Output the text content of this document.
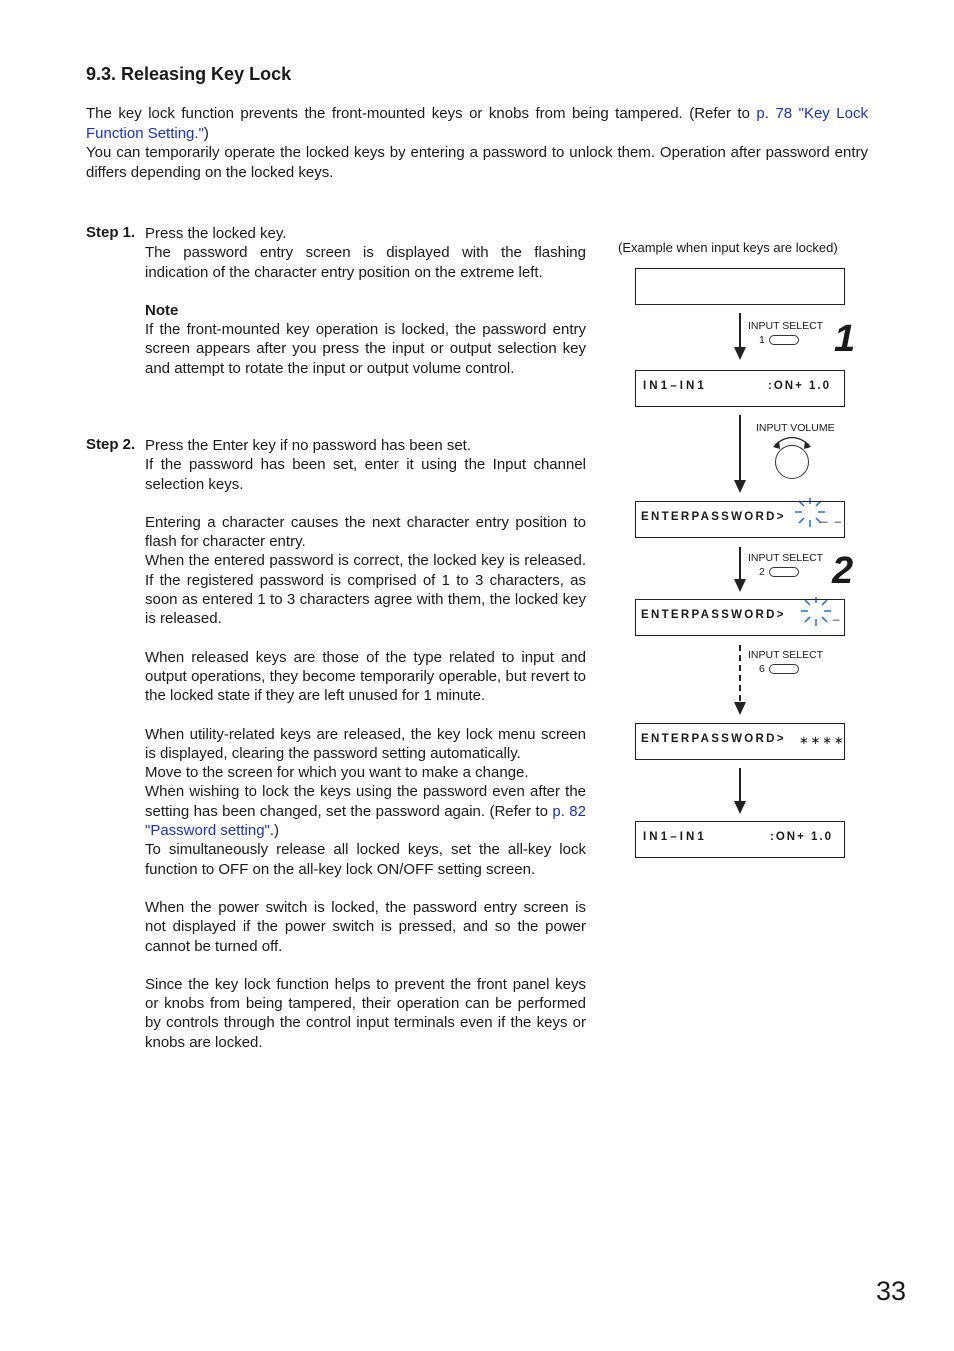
9.3. Releasing Key Lock

The key lock function prevents the front-mounted keys or knobs from being tampered. (Refer to p. 78 "Key Lock Function Setting.")

You can temporarily operate the locked keys by entering a password to unlock them. Operation after password entry differs depending on the locked keys.

Step 1. Press the locked key.

The password entry screen is displayed with the flashing indication of the character entry position on the extreme left.

Note

If the front-mounted key operation is locked, the password entry screen appears after you press the input or output selection key and attempt to rotate the input or output volume control.

Step 2. Press the Enter key if no password has been set.

If the password has been set, enter it using the Input channel selection keys.

Entering a character causes the next character entry position to flash for character entry.

When the entered password is correct, the locked key is released. If the registered password is comprised of 1 to 3 characters, as soon as entered 1 to 3 characters agree with them, the locked key is released.

When released keys are those of the type related to input and output operations, they become temporarily operable, but revert to the locked state if they are left unused for 1 minute.

When utility-related keys are released, the key lock menu screen is displayed, clearing the password setting automatically.

Move to the screen for which you want to make a change.

When wishing to lock the keys using the password even after the setting has been changed, set the password again. (Refer to p. 82 "Password setting".)

To simultaneously release all locked keys, set the all-key lock function to OFF on the all-key lock ON/OFF setting screen.

When the power switch is locked, the password entry screen is not displayed if the power switch is pressed, and so the power cannot be turned off.

Since the key lock function helps to prevent the front panel keys or knobs from being tampered, their operation can be performed by controls through the control input terminals even if the keys or knobs are locked.

(Example when input keys are locked)
INPUT SELECT
1 1
IN1–IN1	:ON+ 1.0
INPUT VOLUME
ENTERPASSWORD>	_ _
INPUT SELECT
2 2
ENTERPASSWORD>	_
INPUT SELECT
6
ENTERPASSWORD> ∗∗∗∗
IN1–IN1	:ON+ 1.0
33
